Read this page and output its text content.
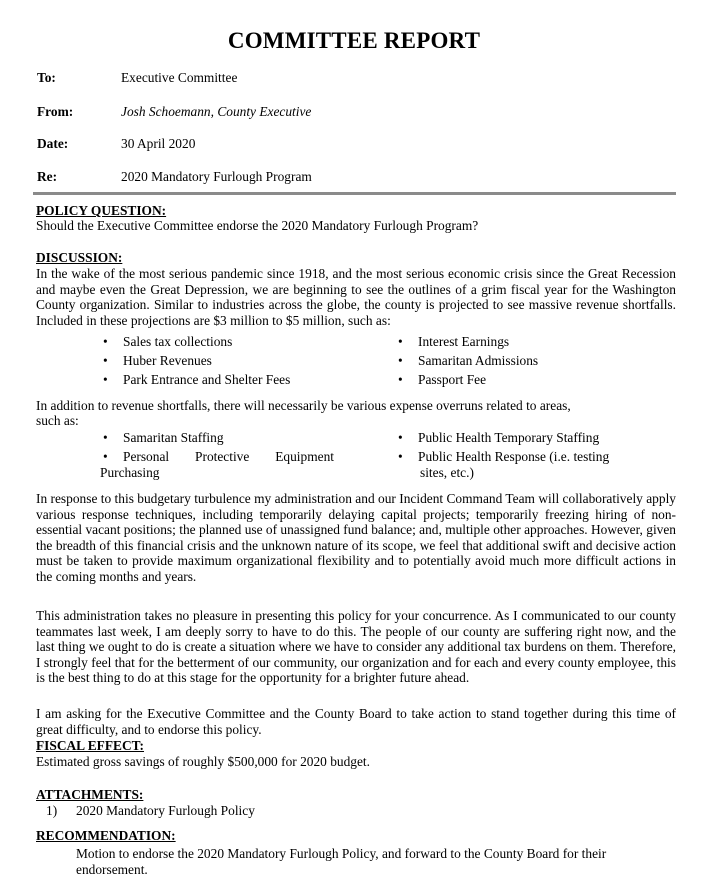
COMMITTEE REPORT
To:	Executive Committee
From:	Josh Schoemann, County Executive
Date:	30 April 2020
Re:	2020 Mandatory Furlough Program
POLICY QUESTION:
Should the Executive Committee endorse the 2020 Mandatory Furlough Program?
DISCUSSION:
In the wake of the most serious pandemic since 1918, and the most serious economic crisis since the Great Recession and maybe even the Great Depression, we are beginning to see the outlines of a grim fiscal year for the Washington County organization. Similar to industries across the globe, the county is projected to see massive revenue shortfalls. Included in these projections are $3 million to $5 million, such as:
• Sales tax collections
• Huber Revenues
• Park Entrance and Shelter Fees
• Interest Earnings
• Samaritan Admissions
• Passport Fee
In addition to revenue shortfalls, there will necessarily be various expense overruns related to areas,
such as:
• Samaritan Staffing
• Personal Protective Equipment
Purchasing
• Public Health Temporary Staffing
• Public Health Response (i.e. testing
sites, etc.)
In response to this budgetary turbulence my administration and our Incident Command Team will collaboratively apply various response techniques, including temporarily delaying capital projects; temporarily freezing hiring of non-essential vacant positions; the planned use of unassigned fund balance; and, multiple other approaches. However, given the breadth of this financial crisis and the unknown nature of its scope, we feel that additional swift and decisive action must be taken to provide maximum organizational flexibility and to potentially avoid much more difficult actions in the coming months and years.
This administration takes no pleasure in presenting this policy for your concurrence. As I communicated to our county teammates last week, I am deeply sorry to have to do this. The people of our county are suffering right now, and the last thing we ought to do is create a situation where we have to consider any additional tax burdens on them. Therefore, I strongly feel that for the betterment of our community, our organization and for each and every county employee, this is the best thing to do at this stage for the opportunity for a brighter future ahead.
I am asking for the Executive Committee and the County Board to take action to stand together during this time of great difficulty, and to endorse this policy.
FISCAL EFFECT:
Estimated gross savings of roughly $500,000 for 2020 budget.
ATTACHMENTS:
1) 2020 Mandatory Furlough Policy
RECOMMENDATION:
Motion to endorse the 2020 Mandatory Furlough Policy, and forward to the County Board for their endorsement.
